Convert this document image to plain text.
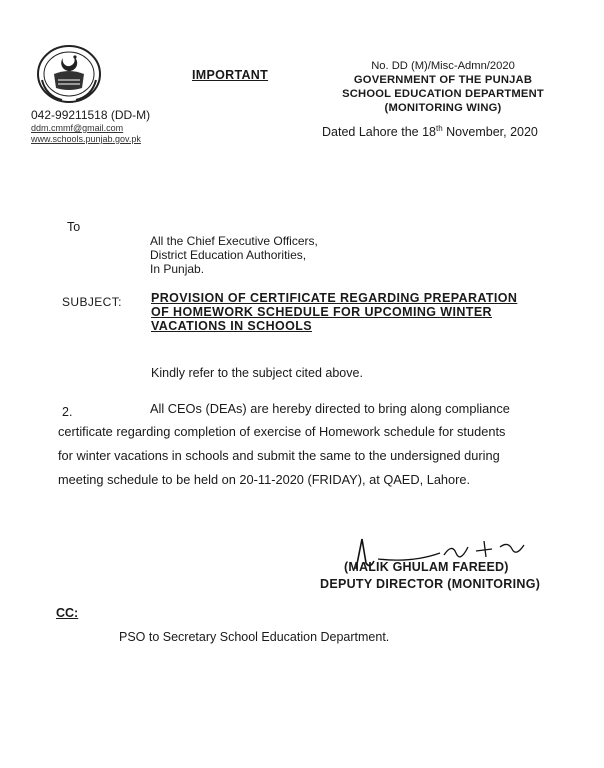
042-99211518 (DD-M)
ddm.cmmf@gmail.com
www.schools.punjab.gov.pk
IMPORTANT
No. DD (M)/Misc-Admn/2020
GOVERNMENT OF THE PUNJAB
SCHOOL EDUCATION DEPARTMENT
(MONITORING WING)
Dated Lahore the 18th November, 2020
To
All the Chief Executive Officers,
District Education Authorities,
In Punjab.
SUBJECT: PROVISION OF CERTIFICATE REGARDING PREPARATION
OF HOMEWORK SCHEDULE FOR UPCOMING WINTER
VACATIONS IN SCHOOLS
Kindly refer to the subject cited above.
2.	All CEOs (DEAs) are hereby directed to bring along compliance
certificate regarding completion of exercise of Homework schedule for students
for winter vacations in schools and submit the same to the undersigned during
meeting schedule to be held on 20-11-2020 (FRIDAY), at QAED, Lahore.
(MALIK GHULAM FAREED)
DEPUTY DIRECTOR (MONITORING)
CC:
PSO to Secretary School Education Department.
